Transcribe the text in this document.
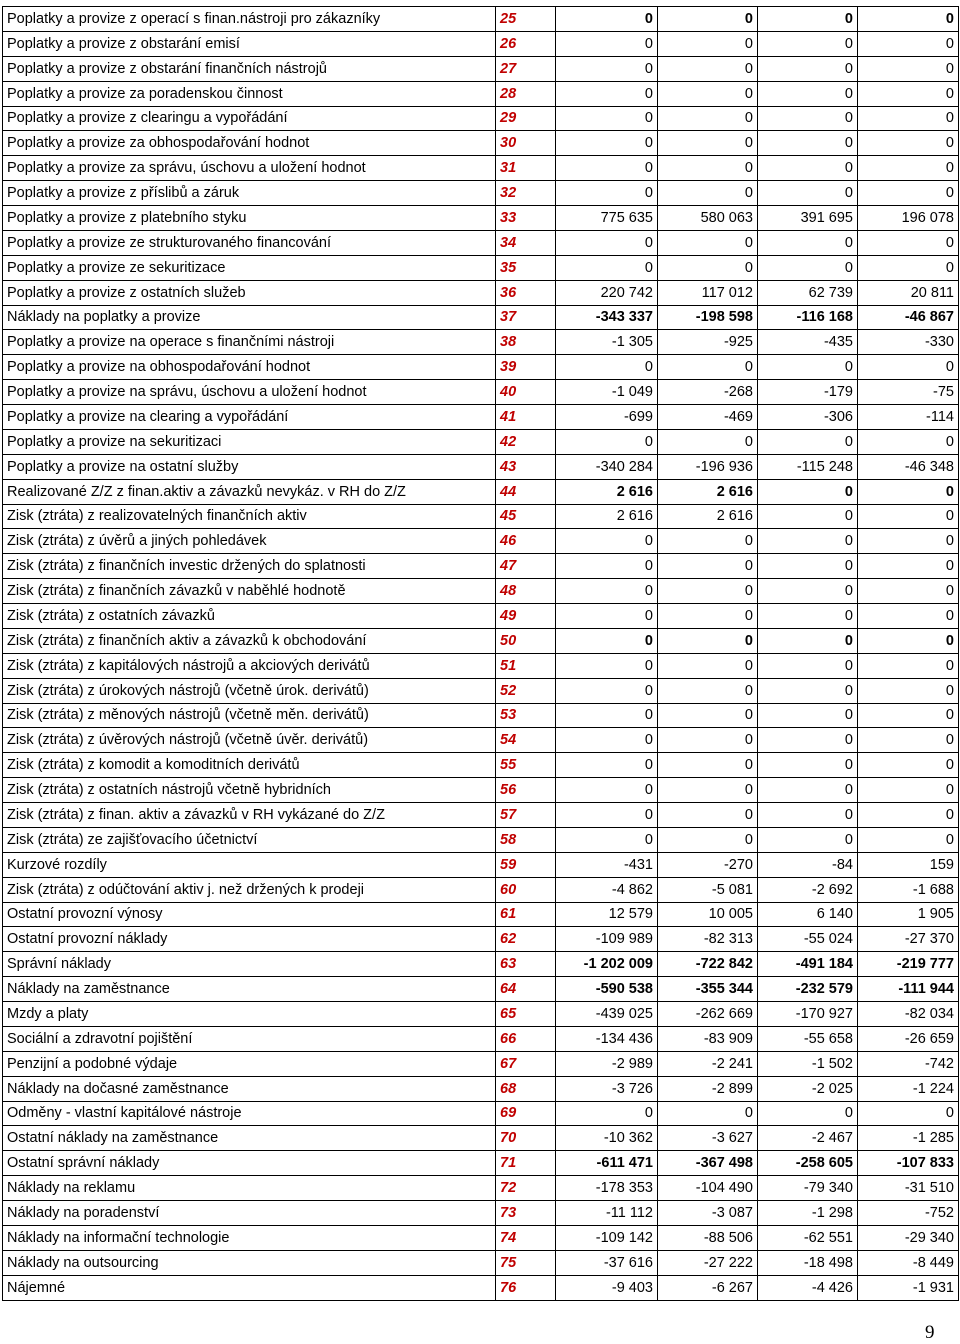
Poplatky a provize z operací s finan.nástroji pro zákazníky	25	0	0	0	0
Poplatky a provize z obstarání emisí	26	0	0	0	0
Poplatky a provize z obstarání finančních nástrojů	27	0	0	0	0
Poplatky a provize za poradenskou činnost	28	0	0	0	0
Poplatky a provize z clearingu a vypořádání	29	0	0	0	0
Poplatky a provize za obhospodařování hodnot	30	0	0	0	0
Poplatky a provize za správu, úschovu a uložení hodnot	31	0	0	0	0
Poplatky a provize z příslibů a záruk	32	0	0	0	0
Poplatky a provize z platebního styku	33	775 635	580 063	391 695	196 078
Poplatky a provize ze strukturovaného financování	34	0	0	0	0
Poplatky a provize ze sekuritizace	35	0	0	0	0
Poplatky a provize z ostatních služeb	36	220 742	117 012	62 739	20 811
Náklady na poplatky a provize	37	-343 337	-198 598	-116 168	-46 867
Poplatky a provize na operace s finančními nástroji	38	-1 305	-925	-435	-330
Poplatky a provize na obhospodařování hodnot	39	0	0	0	0
Poplatky a provize na správu, úschovu a uložení hodnot	40	-1 049	-268	-179	-75
Poplatky a provize na clearing a vypořádání	41	-699	-469	-306	-114
Poplatky a provize na sekuritizaci	42	0	0	0	0
Poplatky a provize na ostatní služby	43	-340 284	-196 936	-115 248	-46 348
Realizované Z/Z z finan.aktiv a závazků nevykáz. v RH do Z/Z	44	2 616	2 616	0	0
Zisk (ztráta) z realizovatelných finančních aktiv	45	2 616	2 616	0	0
Zisk (ztráta) z úvěrů a jiných pohledávek	46	0	0	0	0
Zisk (ztráta) z finančních investic držených do splatnosti	47	0	0	0	0
Zisk (ztráta) z finančních závazků v naběhlé hodnotě	48	0	0	0	0
Zisk (ztráta) z ostatních závazků	49	0	0	0	0
Zisk (ztráta) z finančních aktiv a závazků k obchodování	50	0	0	0	0
Zisk (ztráta) z kapitálových nástrojů a akciových derivátů	51	0	0	0	0
Zisk (ztráta) z úrokových nástrojů (včetně úrok. derivátů)	52	0	0	0	0
Zisk (ztráta) z měnových nástrojů (včetně měn. derivátů)	53	0	0	0	0
Zisk (ztráta) z úvěrových nástrojů (včetně úvěr. derivátů)	54	0	0	0	0
Zisk (ztráta) z komodit a komoditních derivátů	55	0	0	0	0
Zisk (ztráta) z ostatních nástrojů včetně hybridních	56	0	0	0	0
Zisk (ztráta) z finan. aktiv a závazků v RH vykázané do Z/Z	57	0	0	0	0
Zisk (ztráta) ze zajišťovacího účetnictví	58	0	0	0	0
Kurzové rozdíly	59	-431	-270	-84	159
Zisk (ztráta) z odúčtování aktiv j. než držených k prodeji	60	-4 862	-5 081	-2 692	-1 688
Ostatní provozní výnosy	61	12 579	10 005	6 140	1 905
Ostatní provozní náklady	62	-109 989	-82 313	-55 024	-27 370
Správní náklady	63	-1 202 009	-722 842	-491 184	-219 777
Náklady na zaměstnance	64	-590 538	-355 344	-232 579	-111 944
Mzdy a platy	65	-439 025	-262 669	-170 927	-82 034
Sociální a zdravotní pojištění	66	-134 436	-83 909	-55 658	-26 659
Penzijní a podobné výdaje	67	-2 989	-2 241	-1 502	-742
Náklady na dočasné zaměstnance	68	-3 726	-2 899	-2 025	-1 224
Odměny - vlastní kapitálové nástroje	69	0	0	0	0
Ostatní náklady na zaměstnance	70	-10 362	-3 627	-2 467	-1 285
Ostatní správní náklady	71	-611 471	-367 498	-258 605	-107 833
Náklady na reklamu	72	-178 353	-104 490	-79 340	-31 510
Náklady na poradenství	73	-11 112	-3 087	-1 298	-752
Náklady na informační technologie	74	-109 142	-88 506	-62 551	-29 340
Náklady na outsourcing	75	-37 616	-27 222	-18 498	-8 449
Nájemné	76	-9 403	-6 267	-4 426	-1 931
9
